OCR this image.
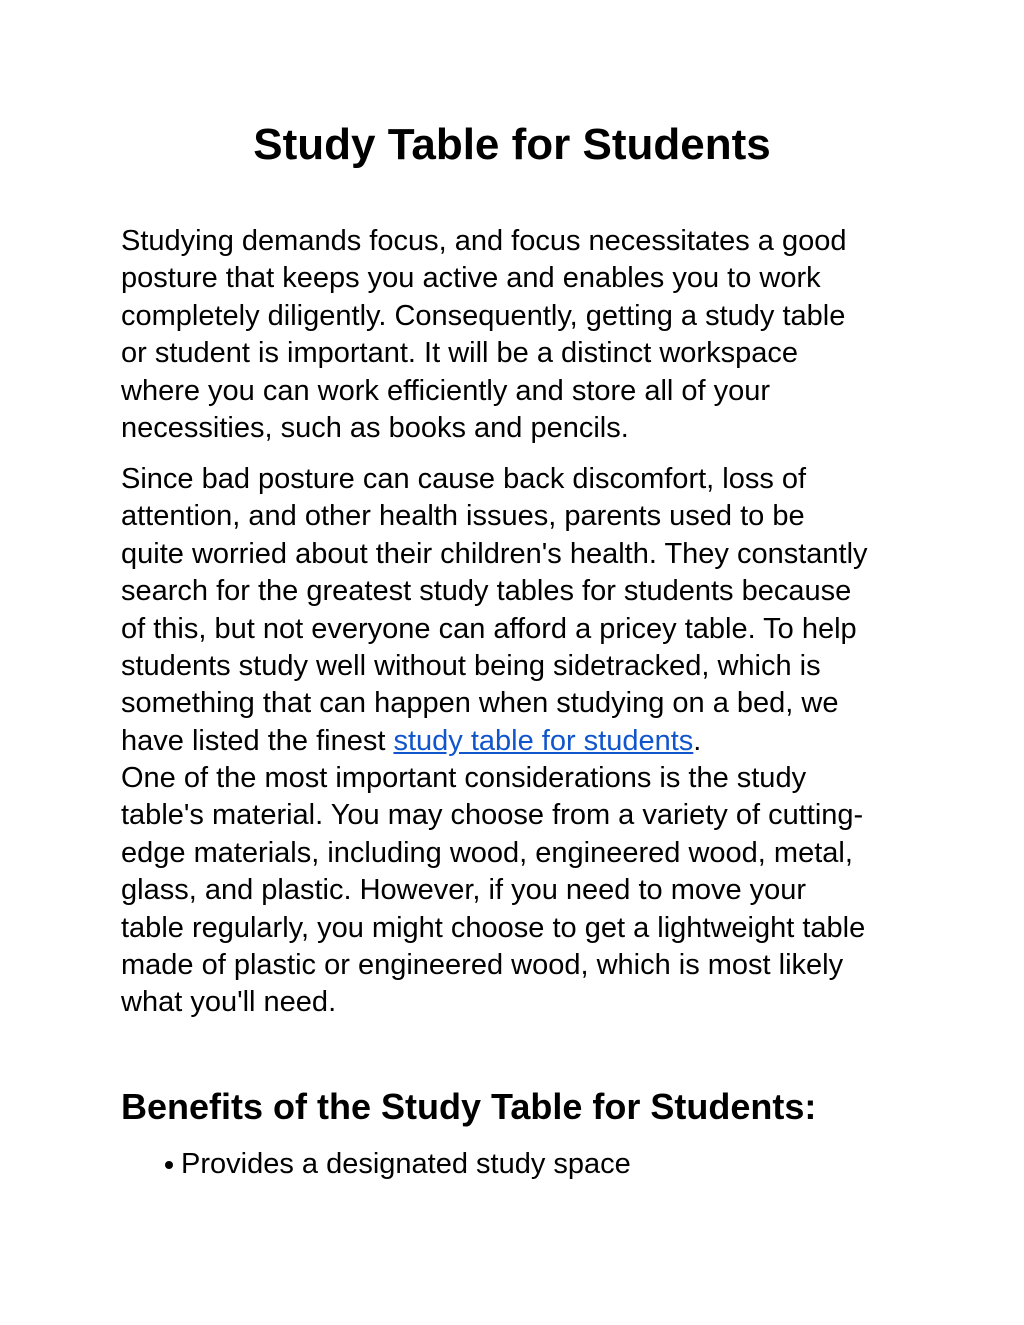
Study Table for Students

Studying demands focus, and focus necessitates a good
posture that keeps you active and enables you to work
completely diligently. Consequently, getting a study table
or student is important. It will be a distinct workspace
where you can work efficiently and store all of your
necessities, such as books and pencils.

Since bad posture can cause back discomfort, loss of
attention, and other health issues, parents used to be
quite worried about their children's health. They constantly
search for the greatest study tables for students because
of this, but not everyone can afford a pricey table. To help
students study well without being sidetracked, which is
something that can happen when studying on a bed, we
have listed the finest study table for students.

One of the most important considerations is the study
table's material. You may choose from a variety of cutting-
edge materials, including wood, engineered wood, metal,
glass, and plastic. However, if you need to move your
table regularly, you might choose to get a lightweight table
made of plastic or engineered wood, which is most likely
what you'll need.

Benefits of the Study Table for Students:
Provides a designated study space
